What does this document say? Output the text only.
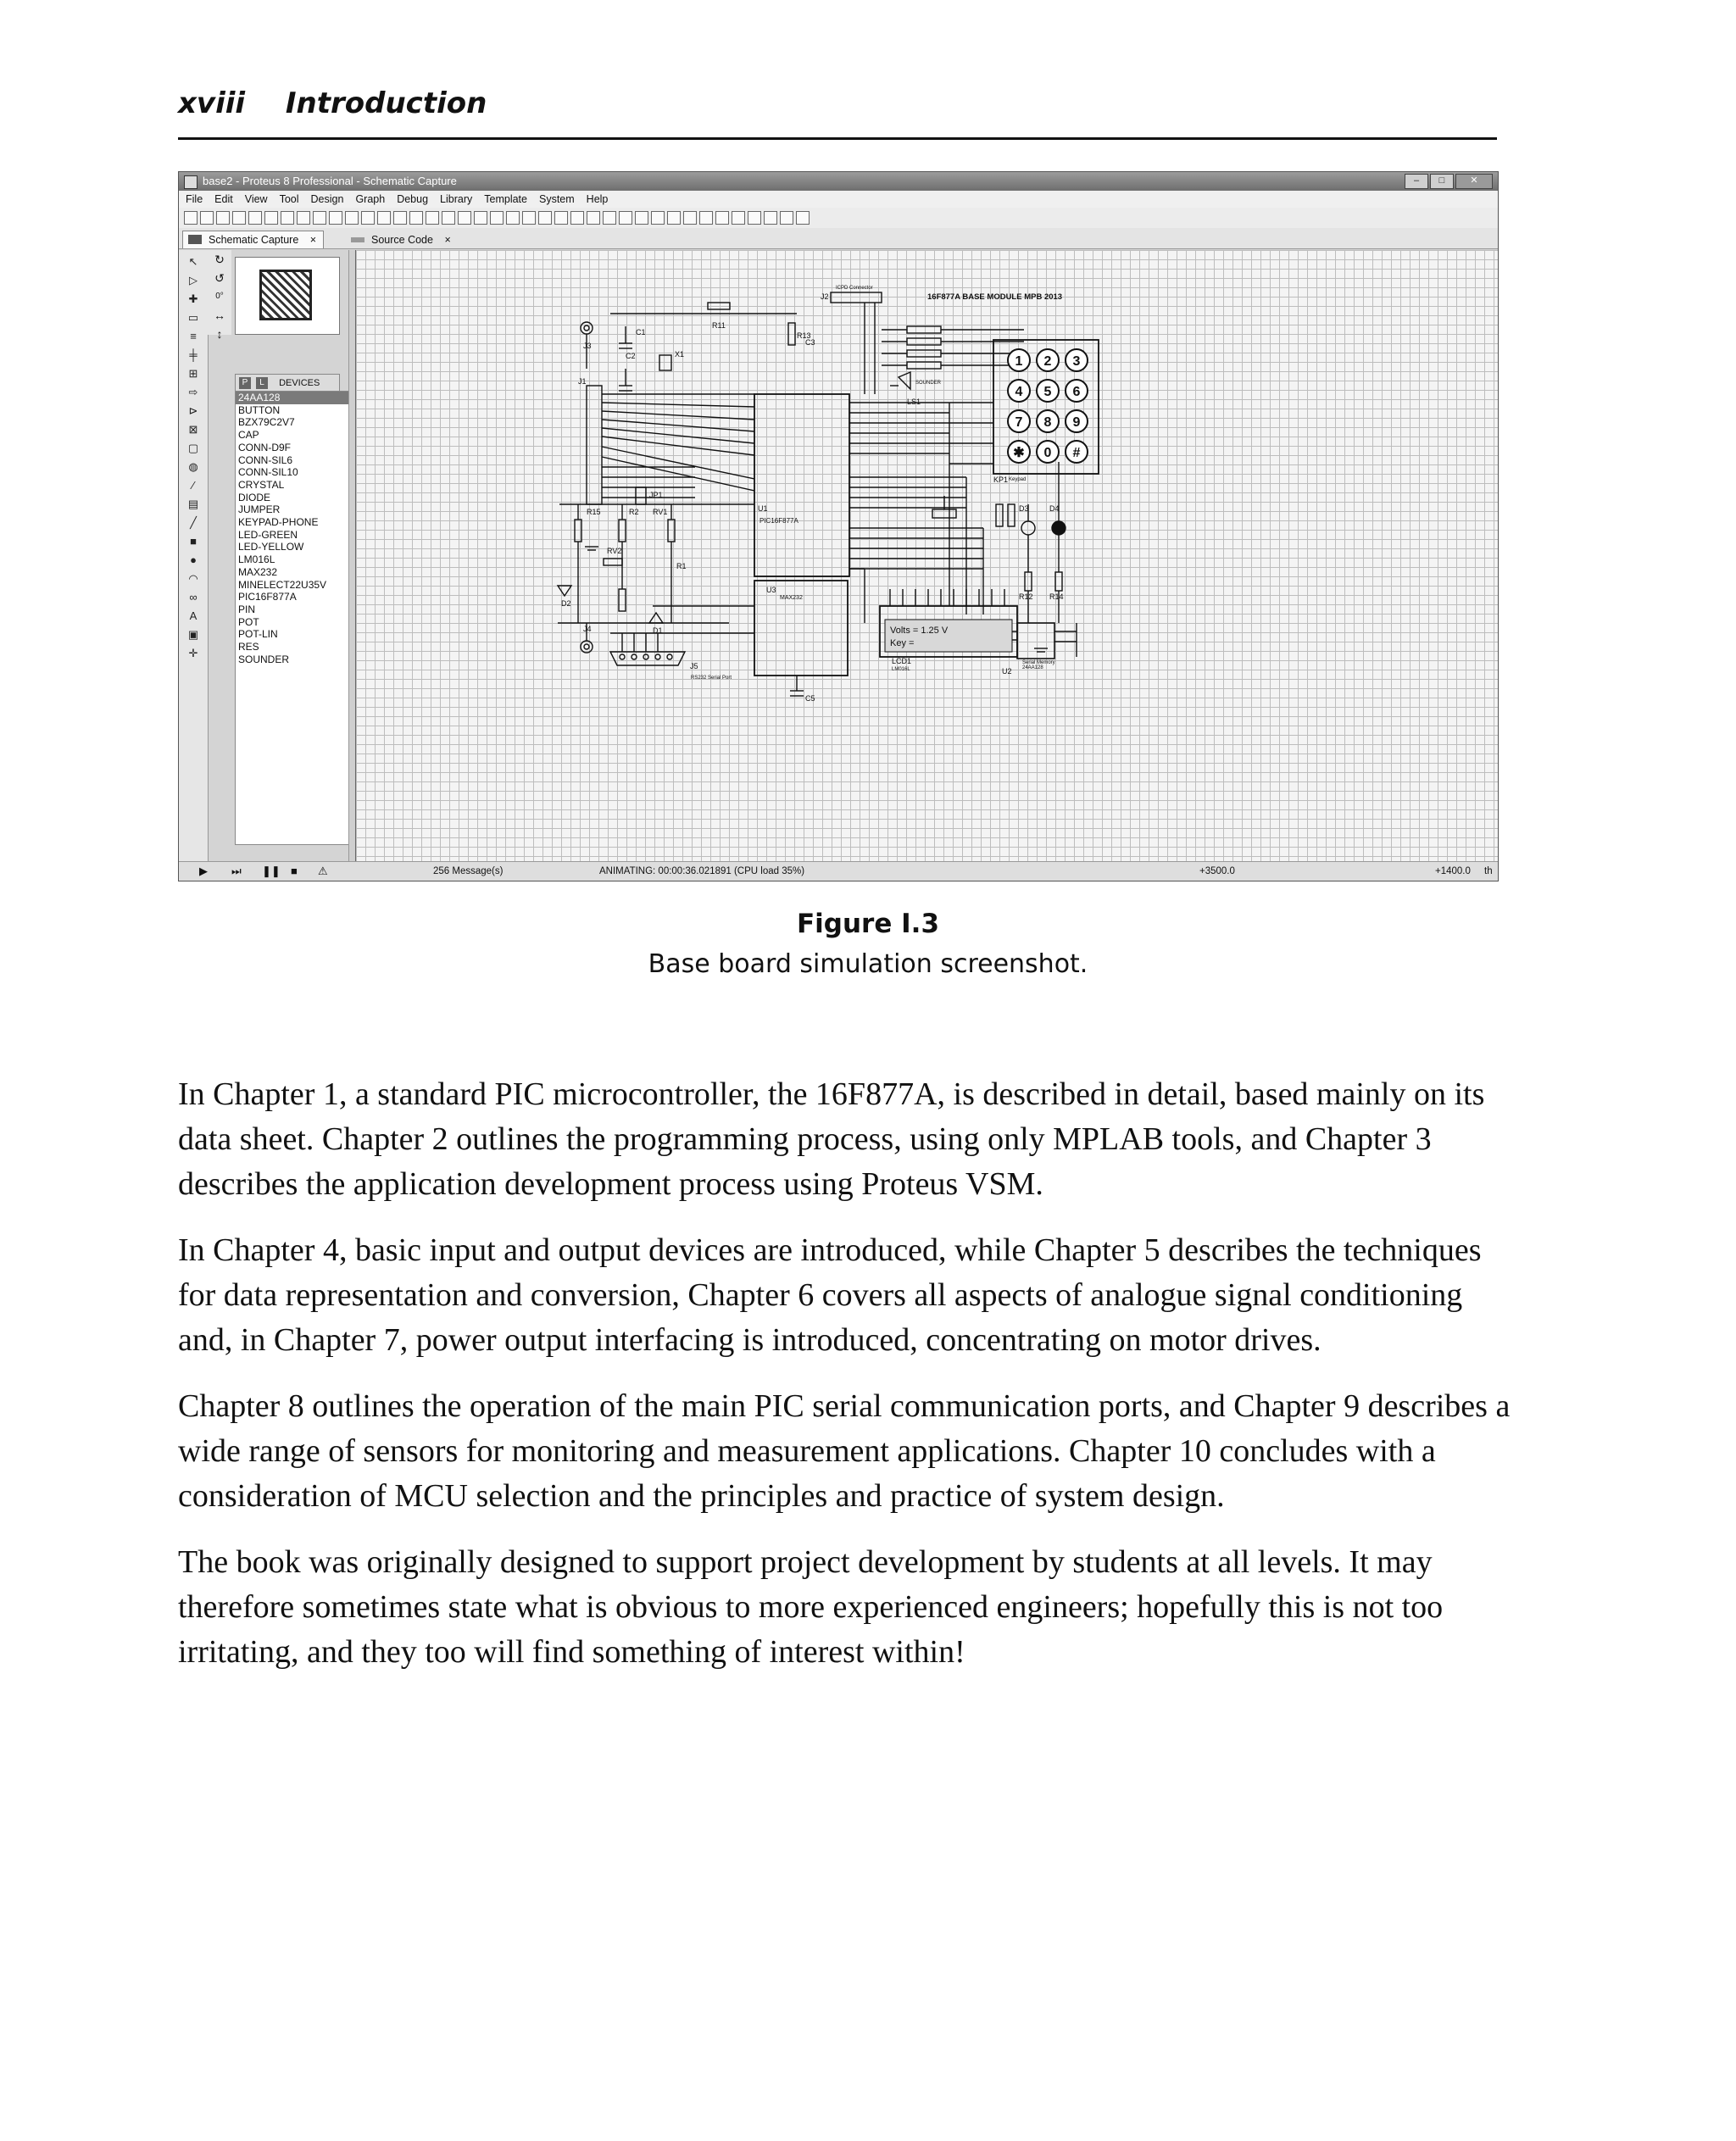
xviii Introduction
base2 - Proteus 8 Professional - Schematic Capture	–	□	✕
File Edit View Tool Design Graph Debug Library Template System Help
Schematic Capture ×	Source Code ×
↖
▷
✚
▭
≡
╪
⊞
⇨
⊳
⊠
▢
◍
⁄
▤
╱
■
●
◠
∞
A
▣
✛
↻
↺
0°
↔
↕
P L DEVICES
24AA128
BUTTON
BZX79C2V7
CAP
CONN-D9F
CONN-SIL6
CONN-SIL10
CRYSTAL
DIODE
JUMPER
KEYPAD-PHONE
LED-GREEN
LED-YELLOW
LM016L
MAX232
MINELECT22U35V
PIC16F877A
PIN
POT
POT-LIN
RES
SOUNDER
1 2 3
4 5 6
7 8 9
✱ 0 #
Volts = 1.25 V
Key =
16F877A BASE MODULE MPB 2013
ICPD Connector
PIC16F877A
MAX232
Serial Memory
24AA128
LM016L
Keypad
SOUNDER
RS232 Serial Port
C1
C2
C3
C5
R1
R2
R11
R12
R13
R14
R15	RV1
RV2
X1
J1
J2
J3
J4
J5
JP1
D1
D2
D3	D4
U1
U2
U3
LS1
KP1
LCD1
▶ ⏭ ❚❚ ■ ⚠	256 Message(s)	ANIMATING: 00:00:36.021891 (CPU load 35%)	+3500.0	+1400.0 th
Figure I.3
Base board simulation screenshot.

In Chapter 1, a standard PIC microcontroller, the 16F877A, is described in detail, based mainly on its data sheet. Chapter 2 outlines the programming process, using only MPLAB tools, and Chapter 3 describes the application development process using Proteus VSM.

In Chapter 4, basic input and output devices are introduced, while Chapter 5 describes the techniques for data representation and conversion, Chapter 6 covers all aspects of analogue signal conditioning and, in Chapter 7, power output interfacing is introduced, concentrating on motor drives.

Chapter 8 outlines the operation of the main PIC serial communication ports, and Chapter 9 describes a wide range of sensors for monitoring and measurement applications. Chapter 10 concludes with a consideration of MCU selection and the principles and practice of system design.

The book was originally designed to support project development by students at all levels. It may therefore sometimes state what is obvious to more experienced engineers; hopefully this is not too irritating, and they too will find something of interest within!
